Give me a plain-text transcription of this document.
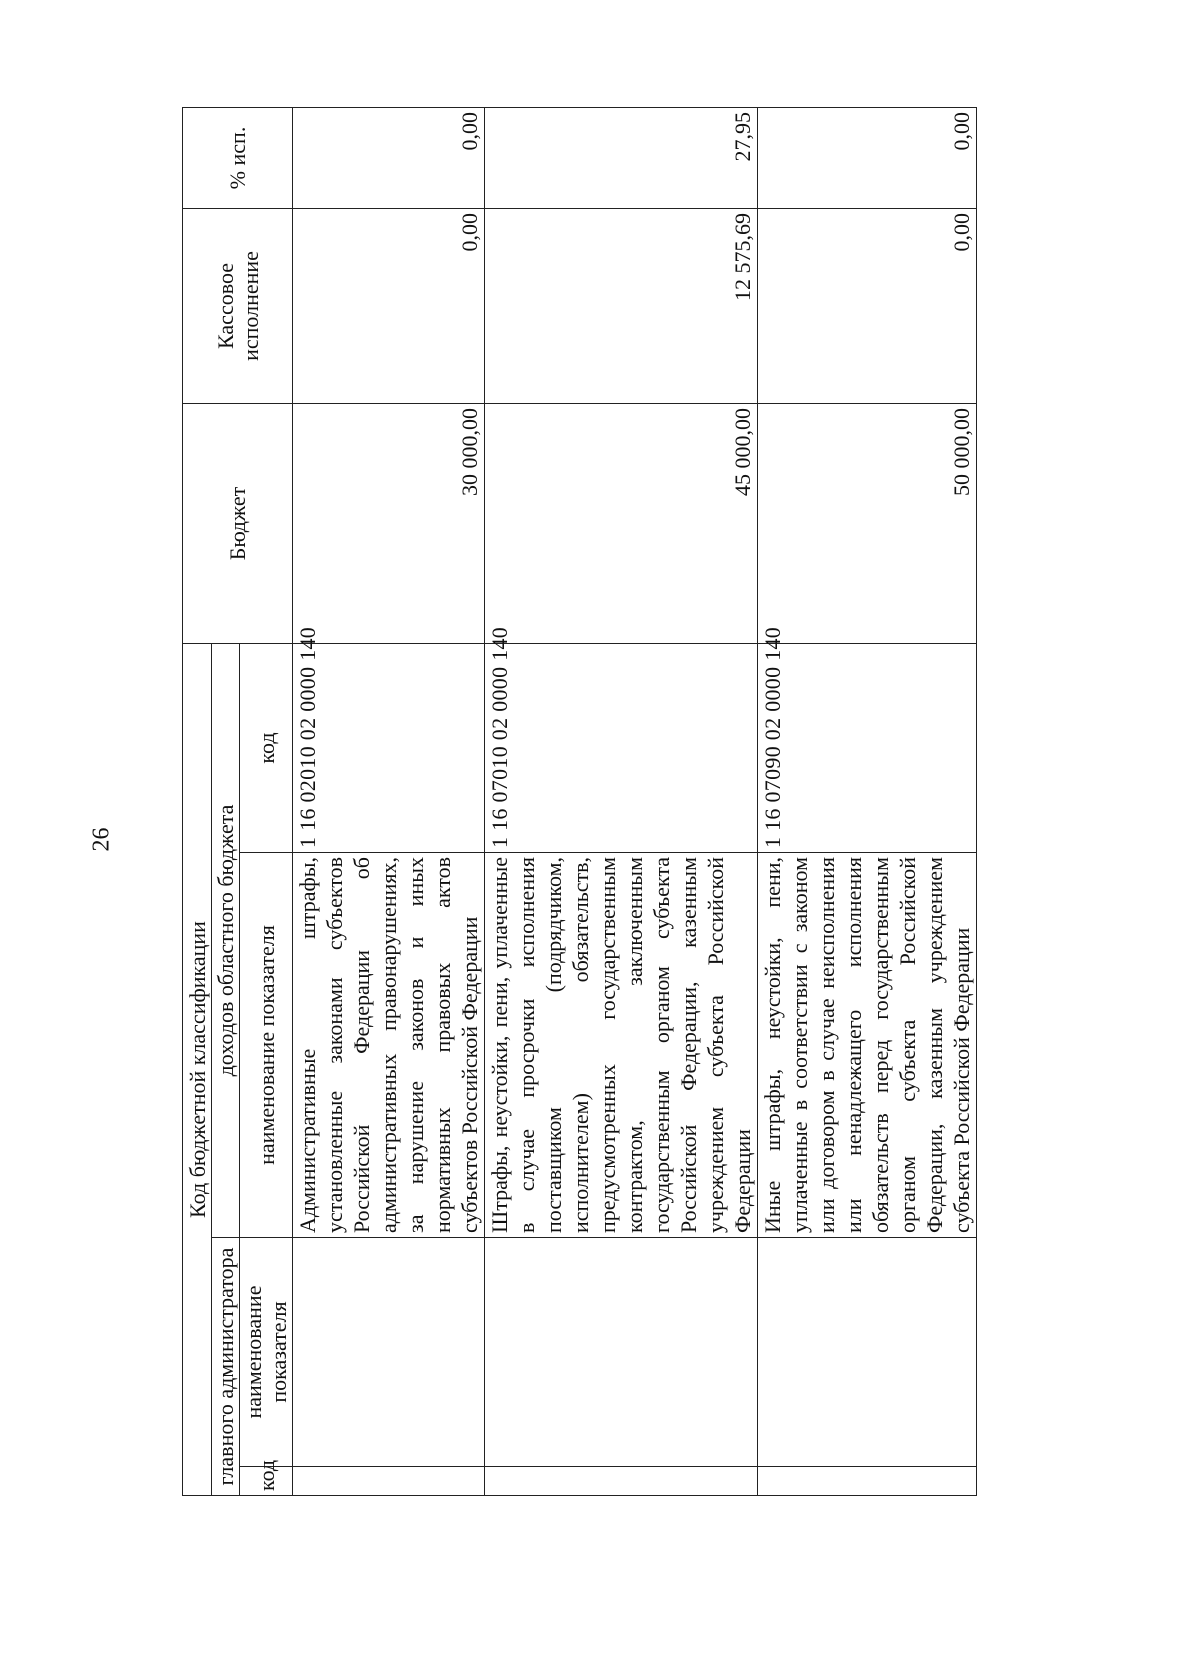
26
Код бюджетной классификации				Бюджет	Кассовое исполнение	% исп.
главного администратора		доходов областного бюджета				
код	наименование показателя	наименование показателя	код			
		Административные штрафы, установленные законами субъектов Российской Федерации об административных правонарушениях, за нарушение законов и иных нормативных правовых актов субъектов Российской Федерации	1 16 02010 02 0000 140	30 000,00	0,00	0,00
		Штрафы, неустойки, пени, уплаченные в случае просрочки исполнения поставщиком (подрядчиком, исполнителем) обязательств, предусмотренных государственным контрактом, заключенным государственным органом субъекта Российской Федерации, казенным учреждением субъекта Российской Федерации	1 16 07010 02 0000 140	45 000,00	12 575,69	27,95
		Иные штрафы, неустойки, пени, уплаченные в соответствии с законом или договором в случае неисполнения или ненадлежащего исполнения обязательств перед государственным органом субъекта Российской Федерации, казенным учреждением субъекта Российской Федерации	1 16 07090 02 0000 140	50 000,00	0,00	0,00
